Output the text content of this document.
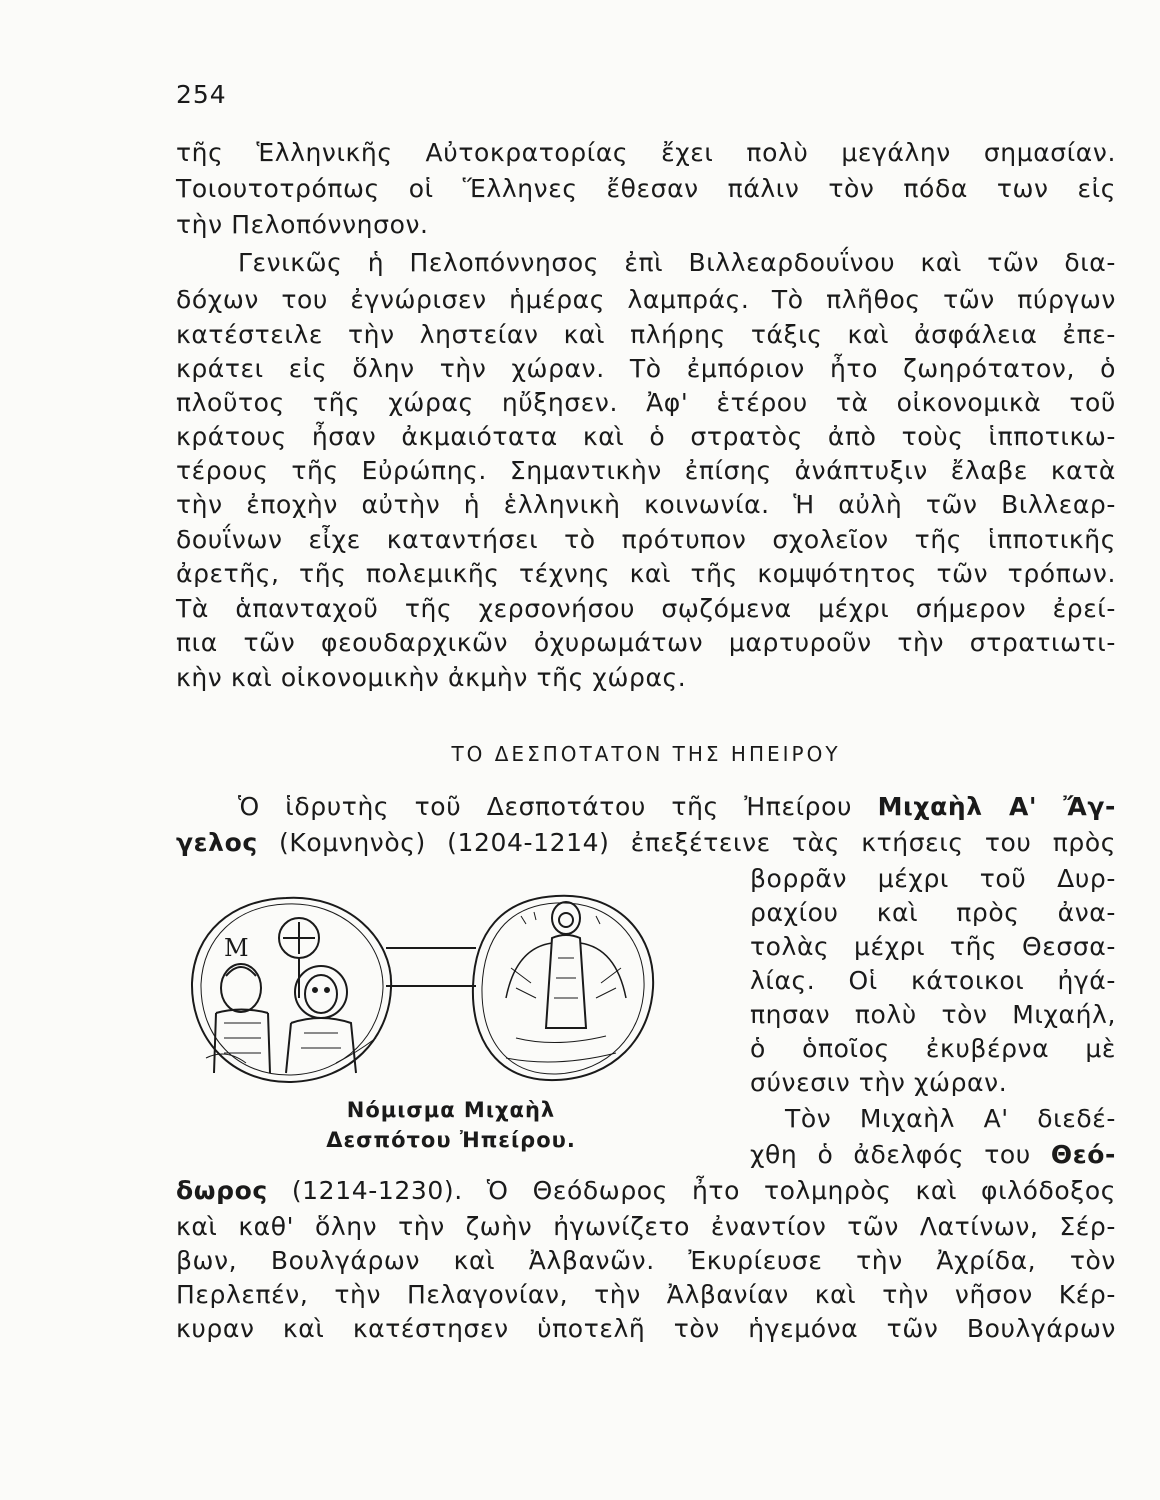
254
τῆς Ἑλληνικῆς Αὐτοκρατορίας ἔχει πολὺ μεγάλην σημασίαν.
Τοιουτοτρόπως οἱ Ἕλληνες ἔθεσαν πάλιν τὸν πόδα των εἰς
τὴν Πελοπόννησον.
Γενικῶς ἡ Πελοπόννησος ἐπὶ Βιλλεαρδουΐνου καὶ τῶν δια-
δόχων του ἐγνώρισεν ἡμέρας λαμπράς. Τὸ πλῆθος τῶν πύργων
κατέστειλε τὴν ληστείαν καὶ πλήρης τάξις καὶ ἀσφάλεια ἐπε-
κράτει εἰς ὅλην τὴν χώραν. Τὸ ἐμπόριον ἦτο ζωηρότατον, ὁ
πλοῦτος τῆς χώρας ηὔξησεν. Ἀφ' ἑτέρου τὰ οἰκονομικὰ τοῦ
κράτους ἦσαν ἀκμαιότατα καὶ ὁ στρατὸς ἀπὸ τοὺς ἱπποτικω-
τέρους τῆς Εὐρώπης. Σημαντικὴν ἐπίσης ἀνάπτυξιν ἔλαβε κατὰ
τὴν ἐποχὴν αὐτὴν ἡ ἑλληνικὴ κοινωνία. Ἡ αὐλὴ τῶν Βιλλεαρ-
δουΐνων εἶχε καταντήσει τὸ πρότυπον σχολεῖον τῆς ἱπποτικῆς
ἀρετῆς, τῆς πολεμικῆς τέχνης καὶ τῆς κομψότητος τῶν τρόπων.
Τὰ ἁπανταχοῦ τῆς χερσονήσου σῳζόμενα μέχρι σήμερον ἐρεί-
πια τῶν φεουδαρχικῶν ὀχυρωμάτων μαρτυροῦν τὴν στρατιωτι-
κὴν καὶ οἰκονομικὴν ἀκμὴν τῆς χώρας.
ΤΟ ΔΕΣΠΟΤΑΤΟΝ ΤΗΣ ΗΠΕΙΡΟΥ
Ὁ ἱδρυτὴς τοῦ Δεσποτάτου τῆς Ἠπείρου Μιχαὴλ Α' Ἄγ-
γελος (Κομνηνὸς) (1204-1214) ἐπεξέτεινε τὰς κτήσεις του πρὸς
βορρᾶν μέχρι τοῦ Δυρ-
ραχίου καὶ πρὸς ἀνα-
τολὰς μέχρι τῆς Θεσσα-
λίας. Οἱ κάτοικοι ἠγά-
πησαν πολὺ τὸν Μιχαήλ,
ὁ ὁποῖος ἐκυβέρνα μὲ
σύνεσιν τὴν χώραν.
Τὸν Μιχαὴλ Α' διεδέ-
χθη ὁ ἀδελφός του Θεό-
δωρος (1214-1230). Ὁ Θεόδωρος ἦτο τολμηρὸς καὶ φιλόδοξος
καὶ καθ' ὅλην τὴν ζωὴν ἠγωνίζετο ἐναντίον τῶν Λατίνων, Σέρ-
βων, Βουλγάρων καὶ Ἀλβανῶν. Ἐκυρίευσε τὴν Ἀχρίδα, τὸν
Περλεπέν, τὴν Πελαγονίαν, τὴν Ἀλβανίαν καὶ τὴν νῆσον Κέρ-
κυραν καὶ κατέστησεν ὑποτελῆ τὸν ἡγεμόνα τῶν Βουλγάρων
Μ
Νόμισμα Μιχαὴλ
Δεσπότου Ἠπείρου.
